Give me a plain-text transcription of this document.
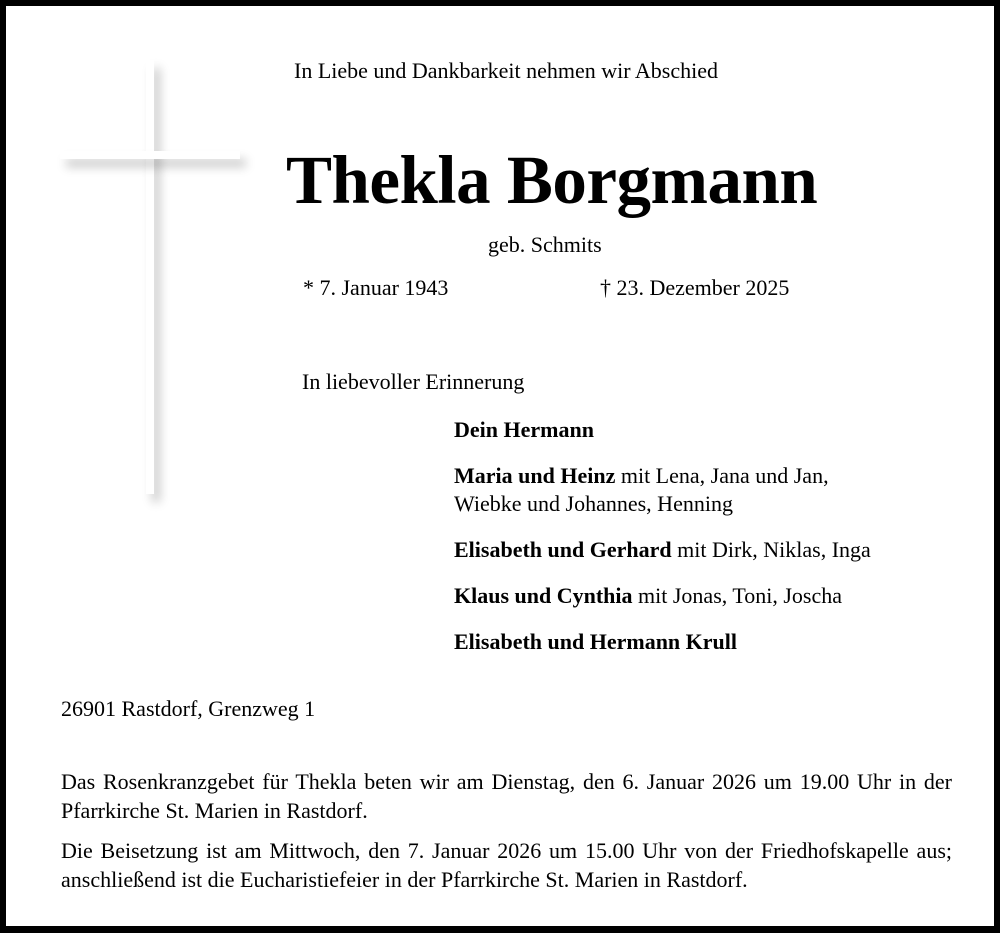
In Liebe und Dankbarkeit nehmen wir Abschied
Thekla Borgmann
geb. Schmits
* 7. Januar 1943	† 23. Dezember 2025
In liebevoller Erinnerung
Dein Hermann
Maria und Heinz mit Lena, Jana und Jan,
Wiebke und Johannes, Henning
Elisabeth und Gerhard mit Dirk, Niklas, Inga
Klaus und Cynthia mit Jonas, Toni, Joscha
Elisabeth und Hermann Krull
26901 Rastdorf, Grenzweg 1

Das Rosenkranzgebet für Thekla beten wir am Dienstag, den 6. Januar 2026 um 19.00 Uhr in der Pfarrkirche St. Marien in Rastdorf.

Die Beisetzung ist am Mittwoch, den 7. Januar 2026 um 15.00 Uhr von der Friedhofskapelle aus; anschließend ist die Eucharistiefeier in der Pfarrkirche St. Marien in Rastdorf.
